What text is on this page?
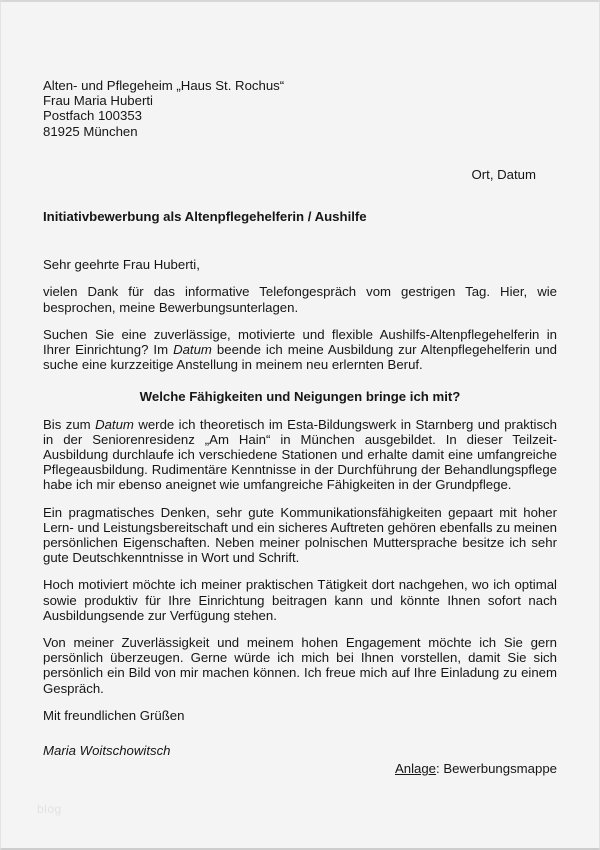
Alten- und Pflegeheim „Haus St. Rochus“
Frau Maria Huberti
Postfach 100353
81925 München
Ort, Datum
Initiativbewerbung als Altenpflegehelferin / Aushilfe
Sehr geehrte Frau Huberti,

vielen Dank für das informative Telefongespräch vom gestrigen Tag. Hier, wie besprochen, meine Bewerbungsunterlagen.

Suchen Sie eine zuverlässige, motivierte und flexible Aushilfs-Altenpflegehelferin in Ihrer Einrichtung? Im Datum beende ich meine Ausbildung zur Altenpflegehelferin und suche eine kurzzeitige Anstellung in meinem neu erlernten Beruf.

Welche Fähigkeiten und Neigungen bringe ich mit?

Bis zum Datum werde ich theoretisch im Esta-Bildungswerk in Starnberg und praktisch in der Seniorenresidenz „Am Hain“ in München ausgebildet. In dieser Teilzeit-Ausbildung durchlaufe ich verschiedene Stationen und erhalte damit eine umfangreiche Pflegeausbildung. Rudimentäre Kenntnisse in der Durchführung der Behandlungspflege habe ich mir ebenso aneignet wie umfangreiche Fähigkeiten in der Grundpflege.

Ein pragmatisches Denken, sehr gute Kommunikationsfähigkeiten gepaart mit hoher Lern- und Leistungsbereitschaft und ein sicheres Auftreten gehören ebenfalls zu meinen persönlichen Eigenschaften. Neben meiner polnischen Muttersprache besitze ich sehr gute Deutschkenntnisse in Wort und Schrift.

Hoch motiviert möchte ich meiner praktischen Tätigkeit dort nachgehen, wo ich optimal sowie produktiv für Ihre Einrichtung beitragen kann und könnte Ihnen sofort nach Ausbildungsende zur Verfügung stehen.

Von meiner Zuverlässigkeit und meinem hohen Engagement möchte ich Sie gern persönlich überzeugen. Gerne würde ich mich bei Ihnen vorstellen, damit Sie sich persönlich ein Bild von mir machen können. Ich freue mich auf Ihre Einladung zu einem Gespräch.

Mit freundlichen Grüßen
Maria Woitschowitsch
Anlage: Bewerbungsmappe
blog
